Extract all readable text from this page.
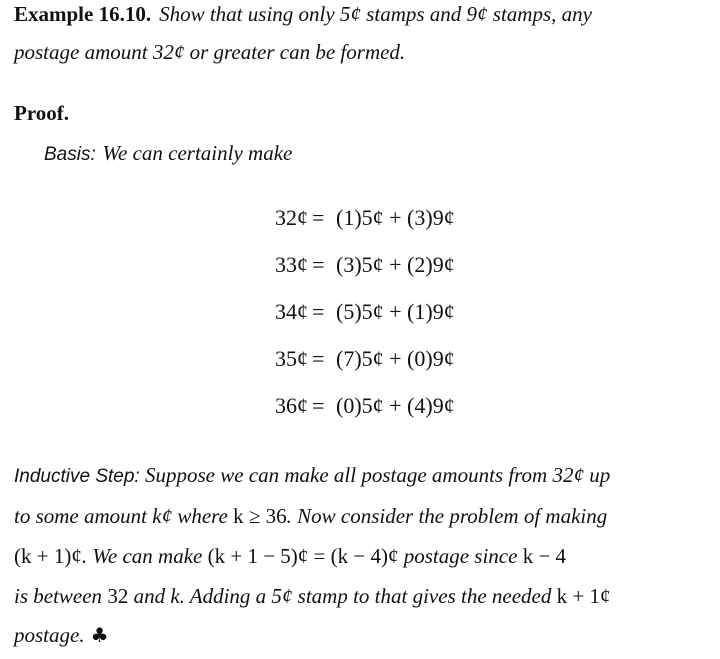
Example 16.10. Show that using only 5¢ stamps and 9¢ stamps, any
postage amount 32¢ or greater can be formed.
Proof.
Basis: We can certainly make
32¢ = (1)5¢ + (3)9¢
33¢ = (3)5¢ + (2)9¢
34¢ = (5)5¢ + (1)9¢
35¢ = (7)5¢ + (0)9¢
36¢ = (0)5¢ + (4)9¢
Inductive Step: Suppose we can make all postage amounts from 32¢ up
to some amount k¢ where k ≥ 36. Now consider the problem of making
(k + 1)¢. We can make (k + 1 − 5)¢ = (k − 4)¢ postage since k − 4
is between 32 and k. Adding a 5¢ stamp to that gives the needed k + 1¢
postage. ♣
